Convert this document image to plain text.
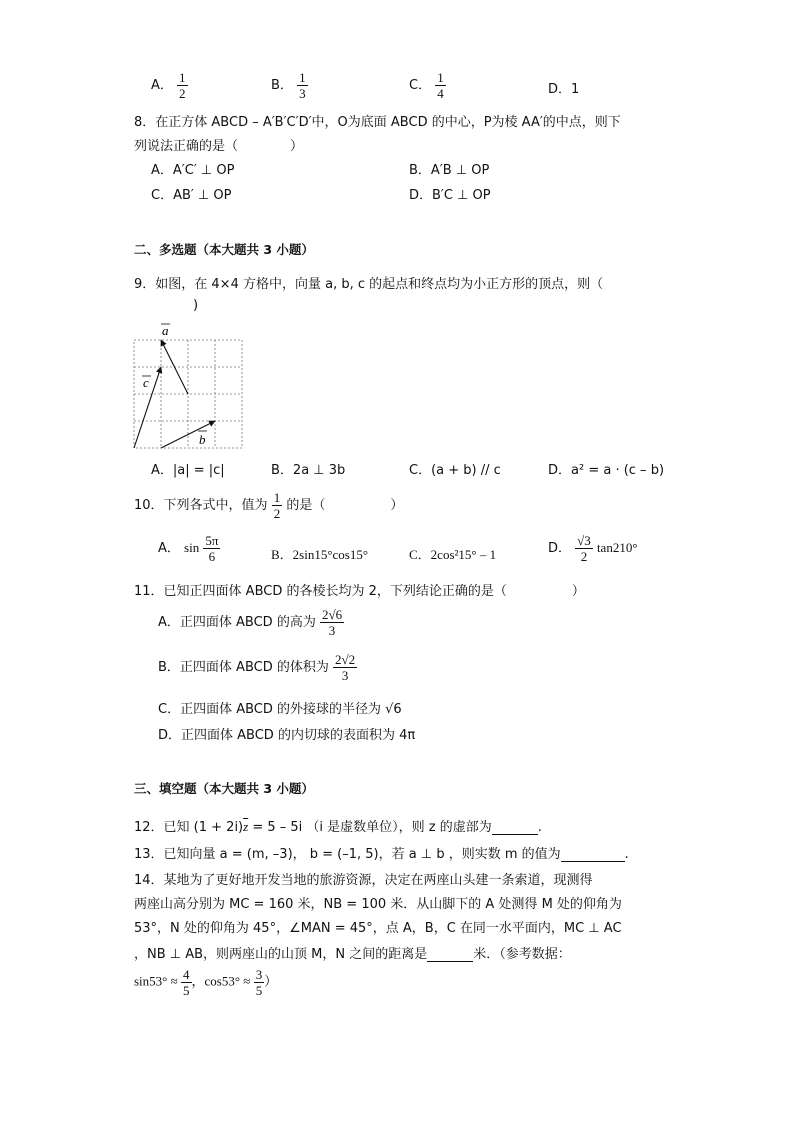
A． $\frac{1}{2}$	B． $\frac{1}{3}$	C． $\frac{1}{4}$	D．1
8．在正方体 ABCD – A′B′C′D′中，O为底面 ABCD 的中心，P为棱 AA′的中点，则下
列说法正确的是（　　　　）
A．A′C′ ⊥ OP	B．A′B ⊥ OP
C．AB′ ⊥ OP	D．B′C ⊥ OP
二、多选题（本大题共 3 小题）
9．如图，在 4×4 方格中，向量 a, b, c 的起点和终点均为小正方形的顶点，则（
)
a
c
b
A．|a| = |c|	B．2a ⊥ 3b	C．(a + b) // c	D．a² = a · (c – b)
10．下列各式中，值为 $\frac{1}{2}$ 的是（　　　　　）
A． $\sin \frac{5\pi}{6}$	B．2sin15°cos15°	C．2cos²15° – 1	D． $\frac{√3}{2} \tan 210^\circ$
11．已知正四面体 ABCD 的各棱长均为 2，下列结论正确的是（　　　　　）
A．正四面体 ABCD 的高为 $\frac{2√6}{3}$
B．正四面体 ABCD 的体积为 $\frac{2√2}{3}$
C．正四面体 ABCD 的外接球的半径为 √6
D．正四面体 ABCD 的内切球的表面积为 4π
三、填空题（本大题共 3 小题）
12．已知 $(1 + 2i)\overline{z} = 5 - 5i$ （i 是虚数单位），则 z 的虚部为	.
13．已知向量 a = (m, –3)， b = (–1, 5)，若 a ⊥ b ，则实数 m 的值为	.
14．某地为了更好地开发当地的旅游资源，决定在两座山头建一条索道，现测得
两座山高分别为 MC = 160 米，NB = 100 米．从山脚下的 A 处测得 M 处的仰角为
53°，N 处的仰角为 45°，∠MAN = 45°，点 A，B，C 在同一水平面内，MC ⊥ AC
，NB ⊥ AB，则两座山的山顶 M，N 之间的距离是	米．（参考数据：
$\sin 53^\circ \approx \frac{4}{5}$ ，$\cos 53^\circ \approx \frac{3}{5}$ ）
